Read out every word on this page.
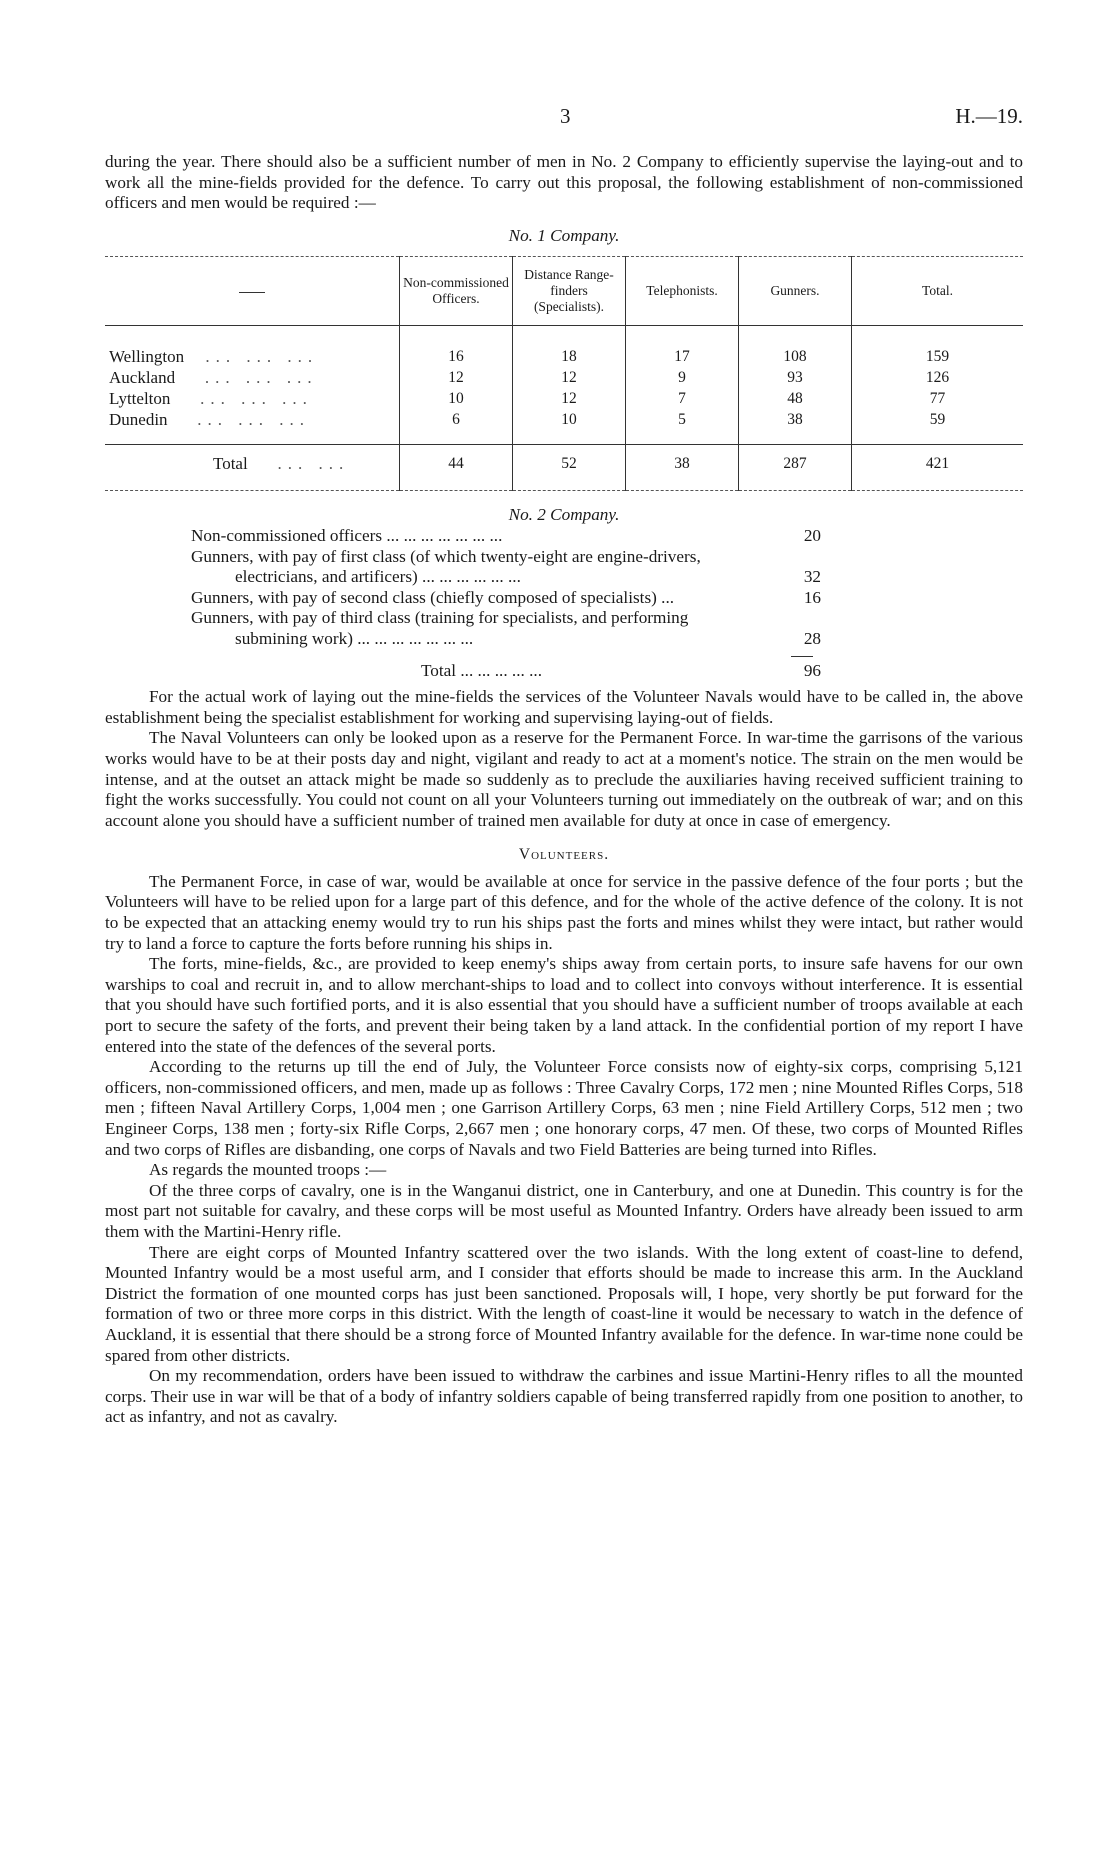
3	H.—19.

during the year. There should also be a sufficient number of men in No. 2 Company to efficiently supervise the laying-out and to work all the mine-fields provided for the defence. To carry out this proposal, the following establishment of non-commissioned officers and men would be required :—

No. 1 Company.
	Non-commissioned Officers.	Distance Range-finders (Specialists).	Telephonists.	Gunners.	Total.
Wellington ... ... ...	16	18	17	108	159
Auckland ... ... ...	12	12	9	93	126
Lyttelton ... ... ...	10	12	7	48	77
Dunedin ... ... ...	6	10	5	38	59
Total ... ...	44	52	38	287	421
No. 2 Company.
Non-commissioned officers ... ... ... ... ... ... ...	20
Gunners, with pay of first class (of which twenty-eight are engine-drivers,
electricians, and artificers) ... ... ... ... ... ...	32
Gunners, with pay of second class (chiefly composed of specialists) ...	16
Gunners, with pay of third class (training for specialists, and performing
submining work) ... ... ... ... ... ... ...	28
Total ... ... ... ... ...	96

For the actual work of laying out the mine-fields the services of the Volunteer Navals would have to be called in, the above establishment being the specialist establishment for working and supervising laying-out of fields.

The Naval Volunteers can only be looked upon as a reserve for the Permanent Force. In war-time the garrisons of the various works would have to be at their posts day and night, vigilant and ready to act at a moment's notice. The strain on the men would be intense, and at the outset an attack might be made so suddenly as to preclude the auxiliaries having received sufficient training to fight the works successfully. You could not count on all your Volunteers turning out immediately on the outbreak of war; and on this account alone you should have a sufficient number of trained men available for duty at once in case of emergency.

Volunteers.

The Permanent Force, in case of war, would be available at once for service in the passive defence of the four ports ; but the Volunteers will have to be relied upon for a large part of this defence, and for the whole of the active defence of the colony. It is not to be expected that an attacking enemy would try to run his ships past the forts and mines whilst they were intact, but rather would try to land a force to capture the forts before running his ships in.

The forts, mine-fields, &c., are provided to keep enemy's ships away from certain ports, to insure safe havens for our own warships to coal and recruit in, and to allow merchant-ships to load and to collect into convoys without interference. It is essential that you should have such fortified ports, and it is also essential that you should have a sufficient number of troops available at each port to secure the safety of the forts, and prevent their being taken by a land attack. In the confidential portion of my report I have entered into the state of the defences of the several ports.

According to the returns up till the end of July, the Volunteer Force consists now of eighty-six corps, comprising 5,121 officers, non-commissioned officers, and men, made up as follows : Three Cavalry Corps, 172 men ; nine Mounted Rifles Corps, 518 men ; fifteen Naval Artillery Corps, 1,004 men ; one Garrison Artillery Corps, 63 men ; nine Field Artillery Corps, 512 men ; two Engineer Corps, 138 men ; forty-six Rifle Corps, 2,667 men ; one honorary corps, 47 men. Of these, two corps of Mounted Rifles and two corps of Rifles are disbanding, one corps of Navals and two Field Batteries are being turned into Rifles.

As regards the mounted troops :—

Of the three corps of cavalry, one is in the Wanganui district, one in Canterbury, and one at Dunedin. This country is for the most part not suitable for cavalry, and these corps will be most useful as Mounted Infantry. Orders have already been issued to arm them with the Martini-Henry rifle.

There are eight corps of Mounted Infantry scattered over the two islands. With the long extent of coast-line to defend, Mounted Infantry would be a most useful arm, and I consider that efforts should be made to increase this arm. In the Auckland District the formation of one mounted corps has just been sanctioned. Proposals will, I hope, very shortly be put forward for the formation of two or three more corps in this district. With the length of coast-line it would be necessary to watch in the defence of Auckland, it is essential that there should be a strong force of Mounted Infantry available for the defence. In war-time none could be spared from other districts.

On my recommendation, orders have been issued to withdraw the carbines and issue Martini-Henry rifles to all the mounted corps. Their use in war will be that of a body of infantry soldiers capable of being transferred rapidly from one position to another, to act as infantry, and not as cavalry.
